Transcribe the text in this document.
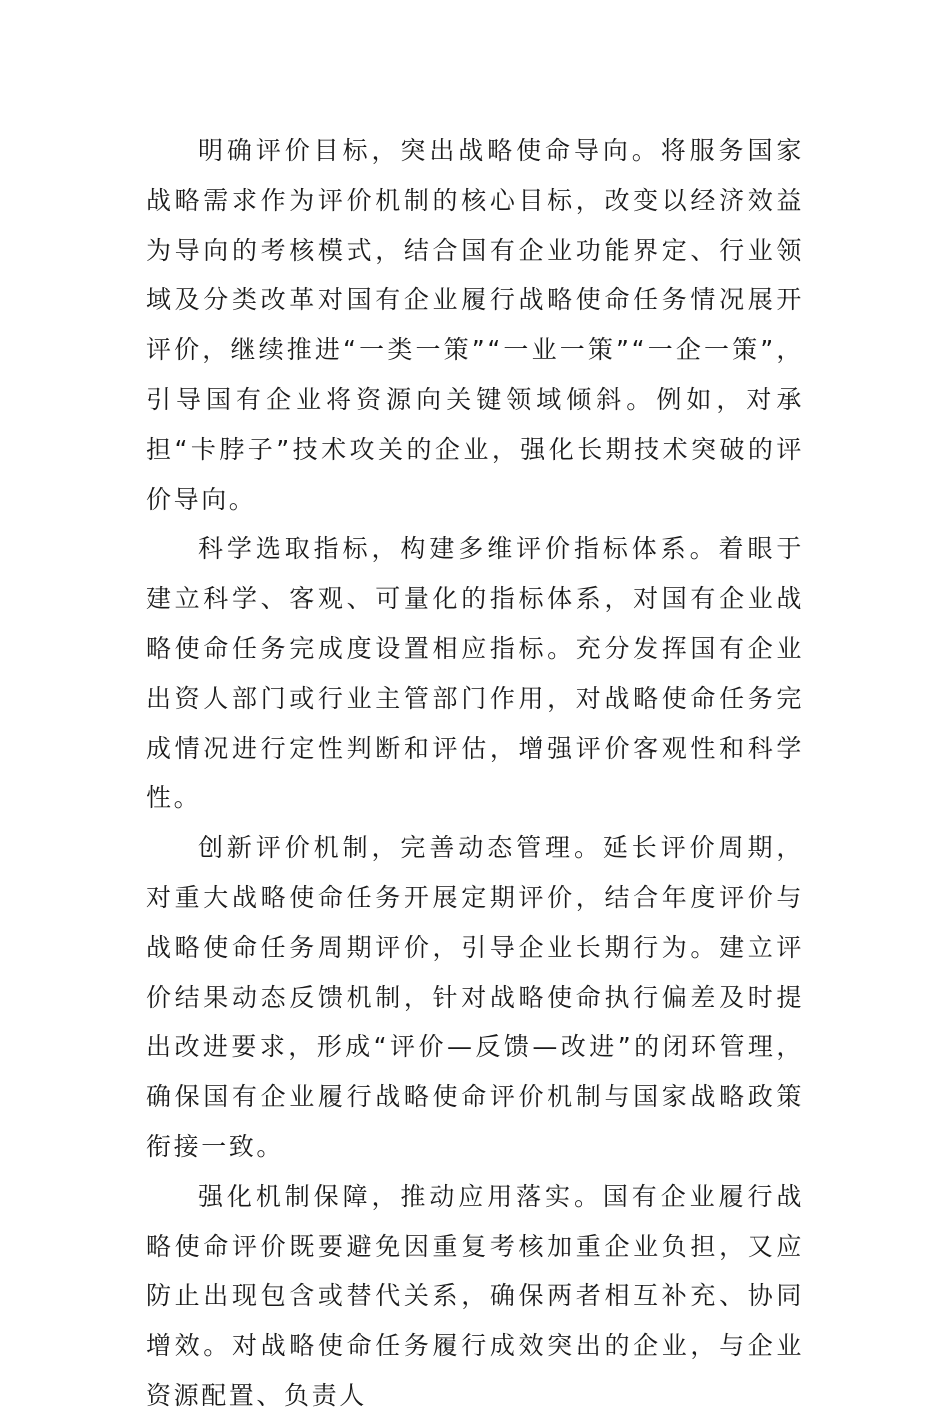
明确评价目标，突出战略使命导向。将服务国家战略需求作为评价机制的核心目标，改变以经济效益为导向的考核模式，结合国有企业功能界定、行业领域及分类改革对国有企业履行战略使命任务情况展开评价，继续推进“一类一策”“一业一策”“一企一策”，引导国有企业将资源向关键领域倾斜。例如，对承担“卡脖子”技术攻关的企业，强化长期技术突破的评价导向。

科学选取指标，构建多维评价指标体系。着眼于建立科学、客观、可量化的指标体系，对国有企业战略使命任务完成度设置相应指标。充分发挥国有企业出资人部门或行业主管部门作用，对战略使命任务完成情况进行定性判断和评估，增强评价客观性和科学性。

创新评价机制，完善动态管理。延长评价周期，对重大战略使命任务开展定期评价，结合年度评价与战略使命任务周期评价，引导企业长期行为。建立评价结果动态反馈机制，针对战略使命执行偏差及时提出改进要求，形成“评价—反馈—改进”的闭环管理，确保国有企业履行战略使命评价机制与国家战略政策衔接一致。

强化机制保障，推动应用落实。国有企业履行战略使命评价既要避免因重复考核加重企业负担，又应防止出现包含或替代关系，确保两者相互补充、协同增效。对战略使命任务履行成效突出的企业，与企业资源配置、负责人
